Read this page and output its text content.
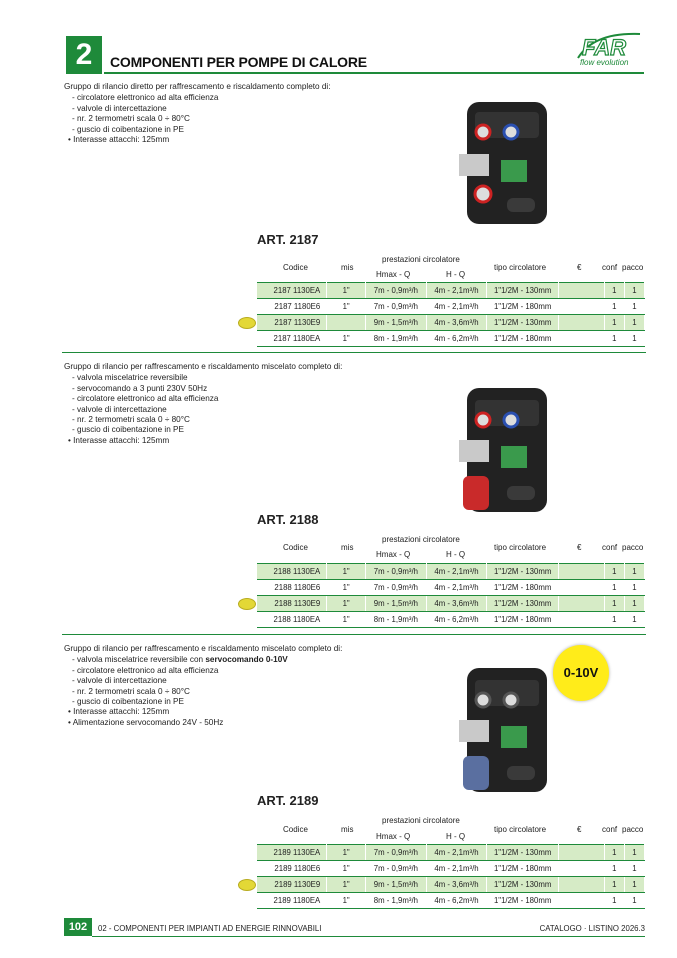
2	COMPONENTI PER POMPE DI CALORE
FAR
flow evolution
Gruppo di rilancio diretto per raffrescamento e riscaldamento completo di:
- circolatore elettronico ad alta efficienza
- valvole di intercettazione
- nr. 2 termometri scala 0 ÷ 80°C
- guscio di coibentazione in PE
• Interasse attacchi: 125mm
ART. 2187
prestazioni circolatore
Codice	mis
Hmax - Q	H - Q
tipo circolatore	€	conf pacco
2187 1130EA	1"	7m - 0,9m³/h	4m - 2,1m³/h	1"1/2M - 130mm		1	1
2187 1180E6	1"	7m - 0,9m³/h	4m - 2,1m³/h	1"1/2M - 180mm		1	1
2187 1130E9		9m - 1,5m³/h	4m - 3,6m³/h	1"1/2M - 130mm		1	1
2187 1180EA	1"	8m - 1,9m³/h	4m - 6,2m³/h	1"1/2M - 180mm		1	1
Gruppo di rilancio per raffrescamento e riscaldamento miscelato completo di:
- valvola miscelatrice reversibile
- servocomando a 3 punti 230V 50Hz
- circolatore elettronico ad alta efficienza
- valvole di intercettazione
- nr. 2 termometri scala 0 ÷ 80°C
- guscio di coibentazione in PE
• Interasse attacchi: 125mm
ART. 2188
prestazioni circolatore
Codice	mis
Hmax - Q	H - Q
tipo circolatore	€	conf pacco
2188 1130EA	1"	7m - 0,9m³/h	4m - 2,1m³/h	1"1/2M - 130mm		1	1
2188 1180E6	1"	7m - 0,9m³/h	4m - 2,1m³/h	1"1/2M - 180mm		1	1
2188 1130E9	1"	9m - 1,5m³/h	4m - 3,6m³/h	1"1/2M - 130mm		1	1
2188 1180EA	1"	8m - 1,9m³/h	4m - 6,2m³/h	1"1/2M - 180mm		1	1
Gruppo di rilancio per raffrescamento e riscaldamento miscelato completo di:
- valvola miscelatrice reversibile con servocomando 0-10V
- circolatore elettronico ad alta efficienza
- valvole di intercettazione
- nr. 2 termometri scala 0 ÷ 80°C
- guscio di coibentazione in PE
• Interasse attacchi: 125mm
• Alimentazione servocomando 24V - 50Hz
0-10V
ART. 2189
prestazioni circolatore
Codice	mis
Hmax - Q	H - Q
tipo circolatore	€	conf pacco
2189 1130EA	1"	7m - 0,9m³/h	4m - 2,1m³/h	1"1/2M - 130mm		1	1
2189 1180E6	1"	7m - 0,9m³/h	4m - 2,1m³/h	1"1/2M - 180mm		1	1
2189 1130E9	1"	9m - 1,5m³/h	4m - 3,6m³/h	1"1/2M - 130mm		1	1
2189 1180EA	1"	8m - 1,9m³/h	4m - 6,2m³/h	1"1/2M - 180mm		1	1
102	02 - COMPONENTI PER IMPIANTI AD ENERGIE RINNOVABILI	CATALOGO · LISTINO 2026.3
